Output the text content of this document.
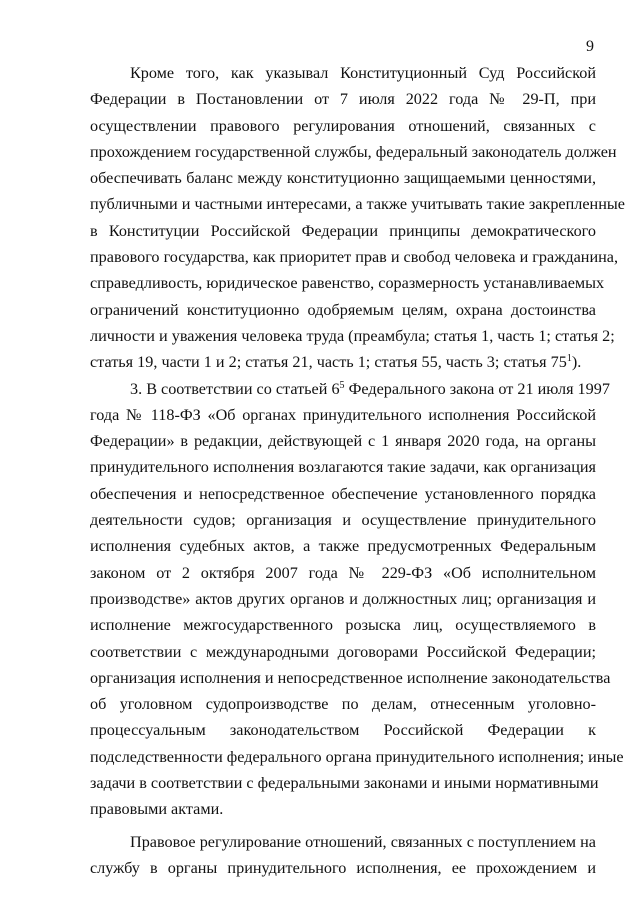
9
Кроме того, как указывал Конституционный Суд Российской
Федерации в Постановлении от 7 июля 2022 года № 29-П, при
осуществлении правового регулирования отношений, связанных с
прохождением государственной службы, федеральный законодатель должен
обеспечивать баланс между конституционно защищаемыми ценностями,
публичными и частными интересами, а также учитывать такие закрепленные
в Конституции Российской Федерации принципы демократического
правового государства, как приоритет прав и свобод человека и гражданина,
справедливость, юридическое равенство, соразмерность устанавливаемых
ограничений конституционно одобряемым целям, охрана достоинства
личности и уважения человека труда (преамбула; статья 1, часть 1; статья 2;
статья 19, части 1 и 2; статья 21, часть 1; статья 55, часть 3; статья $75^1$).
3. В соответствии со статьей $6^5$ Федерального закона от 21 июля 1997
года № 118-ФЗ «Об органах принудительного исполнения Российской
Федерации» в редакции, действующей с 1 января 2020 года, на органы
принудительного исполнения возлагаются такие задачи, как организация
обеспечения и непосредственное обеспечение установленного порядка
деятельности судов; организация и осуществление принудительного
исполнения судебных актов, а также предусмотренных Федеральным
законом от 2 октября 2007 года № 229-ФЗ «Об исполнительном
производстве» актов других органов и должностных лиц; организация и
исполнение межгосударственного розыска лиц, осуществляемого в
соответствии с международными договорами Российской Федерации;
организация исполнения и непосредственное исполнение законодательства
об уголовном судопроизводстве по делам, отнесенным уголовно-
процессуальным законодательством Российской Федерации к
подследственности федерального органа принудительного исполнения; иные
задачи в соответствии с федеральными законами и иными нормативными
правовыми актами.
Правовое регулирование отношений, связанных с поступлением на
службу в органы принудительного исполнения, ее прохождением и
